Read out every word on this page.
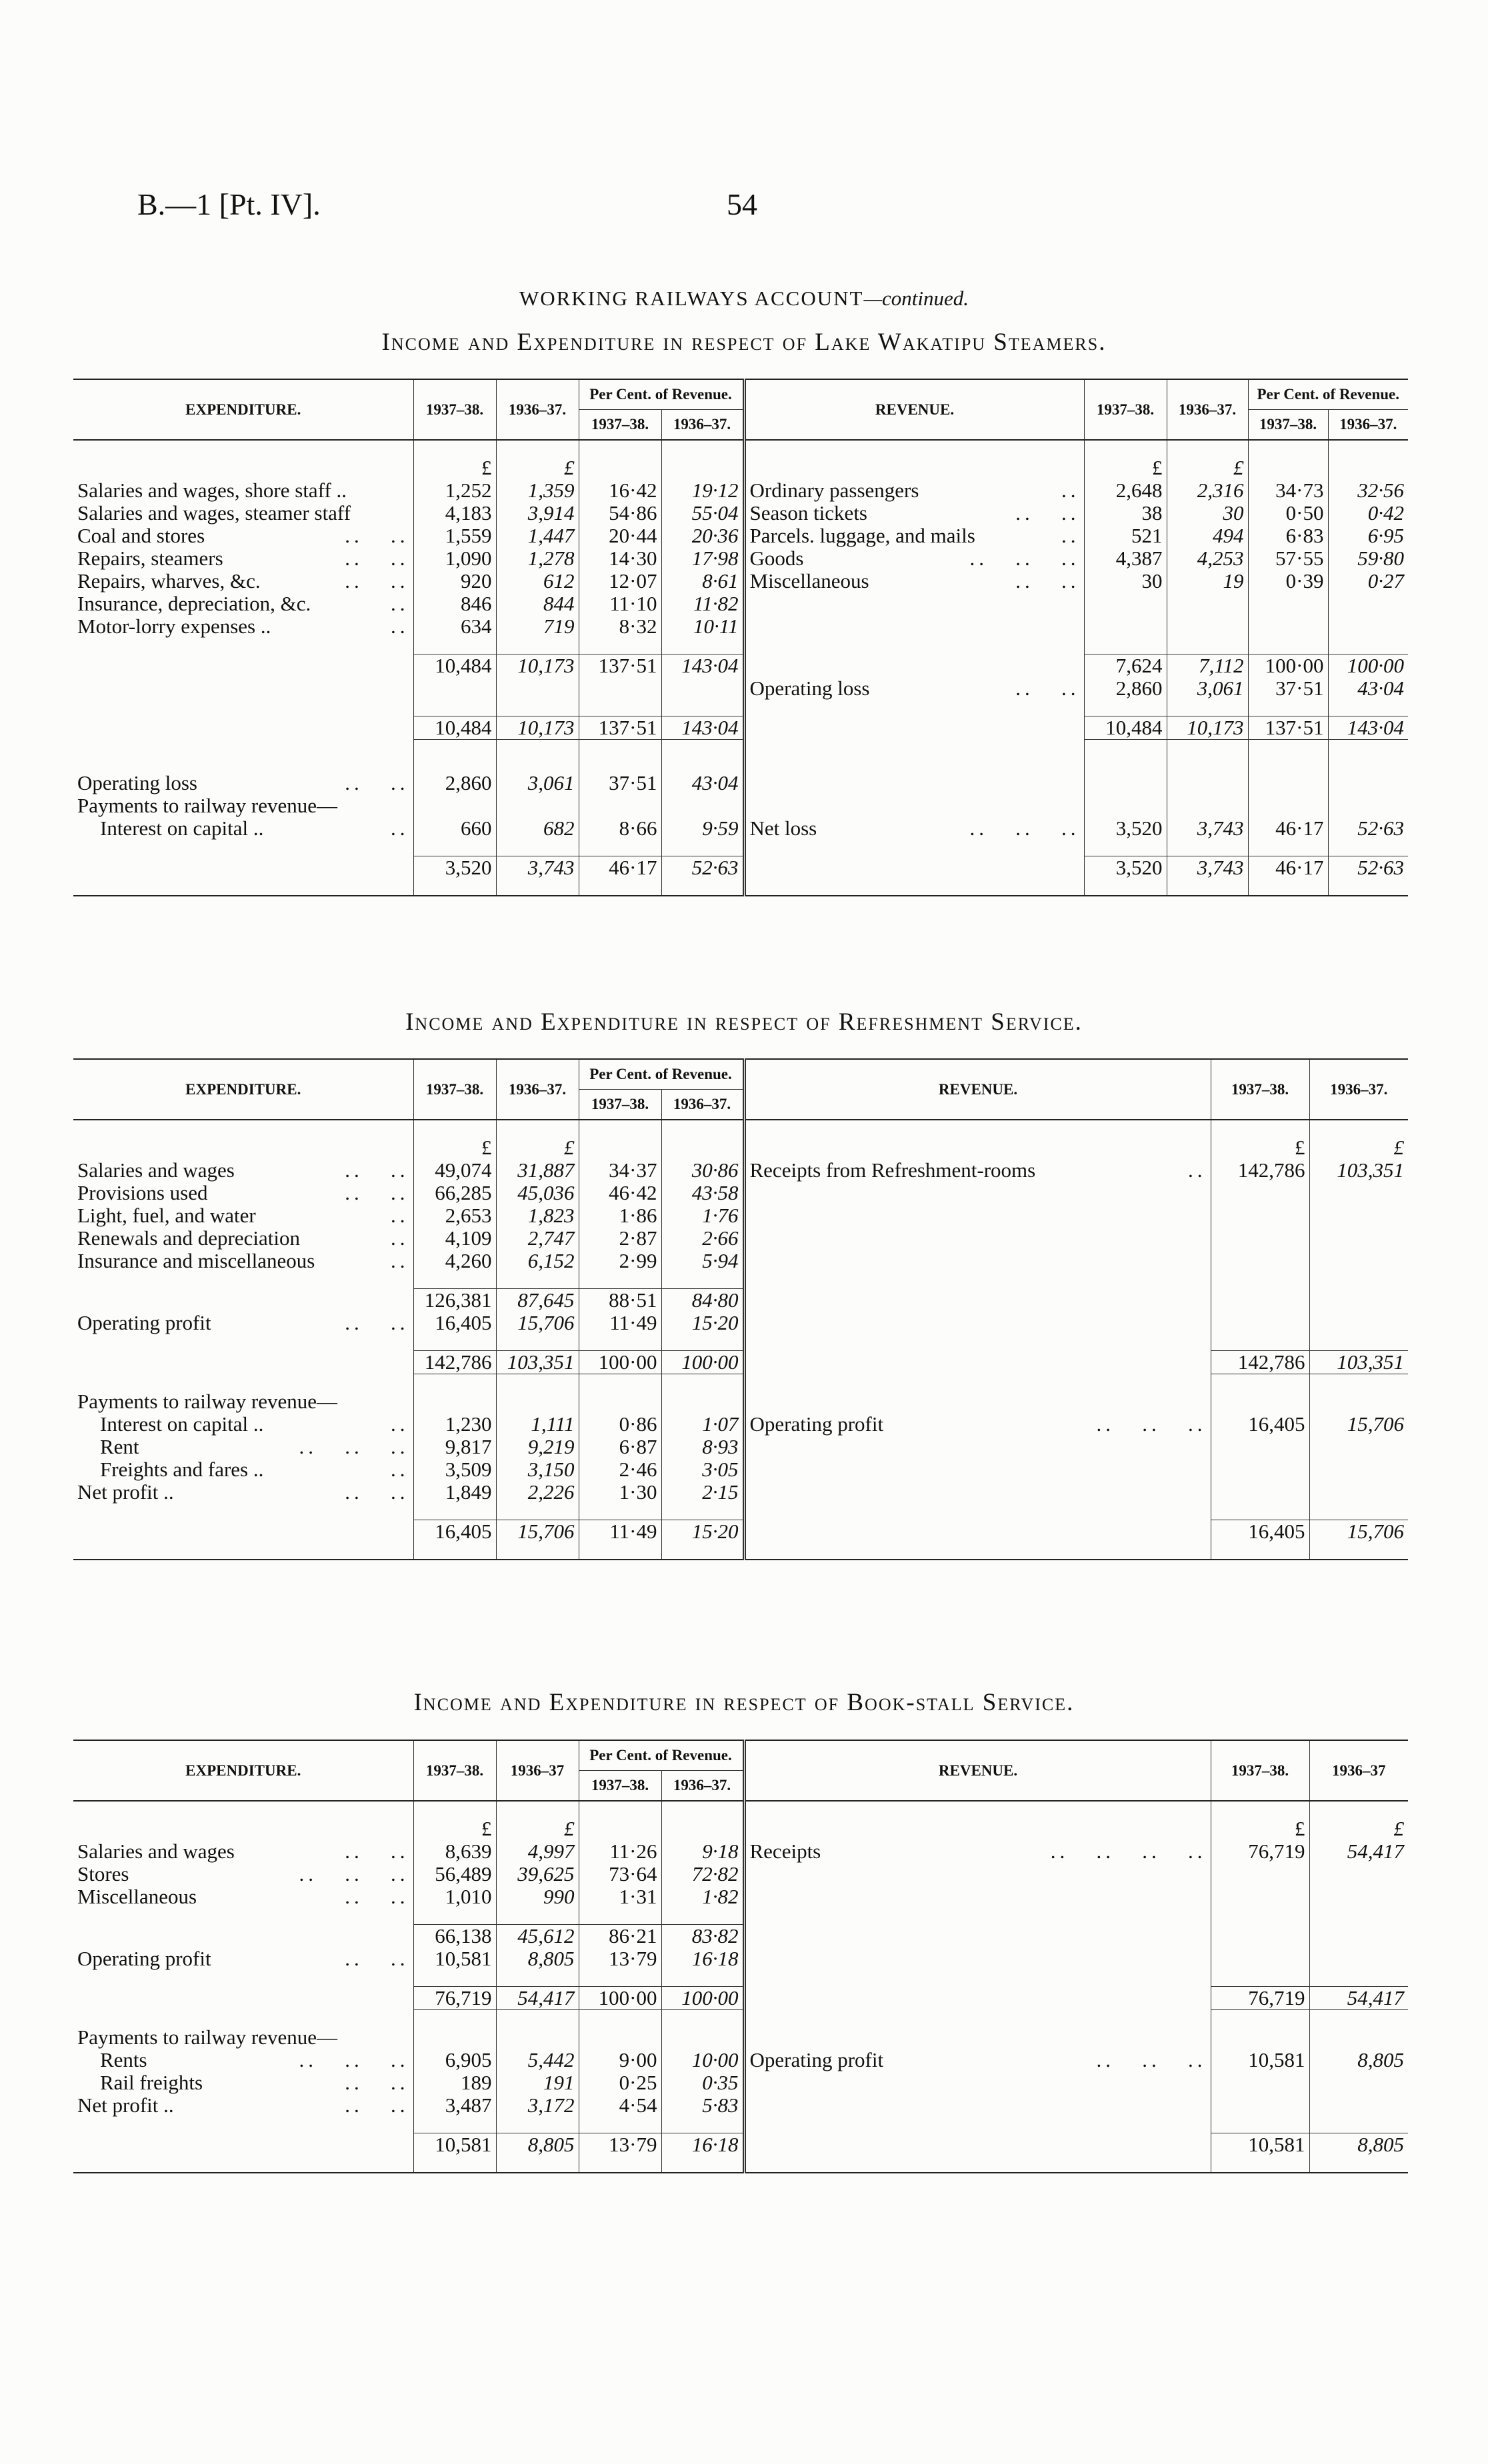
B.—1 [Pt. IV].	54
WORKING RAILWAYS ACCOUNT—continued.
Income and Expenditure in respect of Lake Wakatipu Steamers.
EXPENDITURE.	1937–38.	1936–37.	Per Cent. of Revenue.		REVENUE.	1937–38.	1936–37.	Per Cent. of Revenue.	
			1937–38.	1936–37.				1937–38.	1936–37.

	£	£				£	£		
Salaries and wages, shore staff ..	1,252	1,359	16·42	19·12	Ordinary passengers ..	2,648	2,316	34·73	32·56
Salaries and wages, steamer staff	4,183	3,914	54·86	55·04	Season tickets ..   ..	38	30	0·50	0·42
Coal and stores ..   ..	1,559	1,447	20·44	20·36	Parcels. luggage, and mails ..	521	494	6·83	6·95
Repairs, steamers ..   ..	1,090	1,278	14·30	17·98	Goods ..   ..   ..	4,387	4,253	57·55	59·80
Repairs, wharves, &c. ..   ..	920	612	12·07	8·61	Miscellaneous ..   ..	30	19	0·39	0·27
Insurance, depreciation, &c. ..	846	844	11·10	11·82					
Motor-lorry expenses .. ..	634	719	8·32	10·11					

	10,484	10,173	137·51	143·04		7,624	7,112	100·00	100·00
					Operating loss ..   ..	2,860	3,061	37·51	43·04

	10,484	10,173	137·51	143·04		10,484	10,173	137·51	143·04

Operating loss ..   ..	2,860	3,061	37·51	43·04					
Payments to railway revenue—									
Interest on capital .. ..	660	682	8·66	9·59	Net loss ..   ..   ..	3,520	3,743	46·17	52·63

	3,520	3,743	46·17	52·63		3,520	3,743	46·17	52·63

Income and Expenditure in respect of Refreshment Service.
EXPENDITURE.	1937–38.	1936–37.	Per Cent. of Revenue.		REVENUE.	1937–38.	1936–37.
			1937–38.	1936–37.			

	£	£				£	£
Salaries and wages ..   ..	49,074	31,887	34·37	30·86	Receipts from Refreshment-rooms ..	142,786	103,351
Provisions used ..   ..	66,285	45,036	46·42	43·58			
Light, fuel, and water ..	2,653	1,823	1·86	1·76			
Renewals and depreciation ..	4,109	2,747	2·87	2·66			
Insurance and miscellaneous ..	4,260	6,152	2·99	5·94			

	126,381	87,645	88·51	84·80			
Operating profit ..   ..	16,405	15,706	11·49	15·20			

	142,786	103,351	100·00	100·00		142,786	103,351

Payments to railway revenue—							
Interest on capital .. ..	1,230	1,111	0·86	1·07	Operating profit ..   ..   ..	16,405	15,706
Rent ..   ..   ..	9,817	9,219	6·87	8·93			
Freights and fares .. ..	3,509	3,150	2·46	3·05			
Net profit .. ..   ..	1,849	2,226	1·30	2·15			

	16,405	15,706	11·49	15·20		16,405	15,706

Income and Expenditure in respect of Book-stall Service.
EXPENDITURE.	1937–38.	1936–37	Per Cent. of Revenue.		REVENUE.	1937–38.	1936–37
			1937–38.	1936–37.			

	£	£				£	£
Salaries and wages ..   ..	8,639	4,997	11·26	9·18	Receipts ..   ..   ..   ..	76,719	54,417
Stores ..   ..   ..	56,489	39,625	73·64	72·82			
Miscellaneous ..   ..	1,010	990	1·31	1·82			

	66,138	45,612	86·21	83·82			
Operating profit ..   ..	10,581	8,805	13·79	16·18			

	76,719	54,417	100·00	100·00		76,719	54,417

Payments to railway revenue—							
Rents ..   ..   ..	6,905	5,442	9·00	10·00	Operating profit ..   ..   ..	10,581	8,805
Rail freights ..   ..	189	191	0·25	0·35			
Net profit .. ..   ..	3,487	3,172	4·54	5·83			

	10,581	8,805	13·79	16·18		10,581	8,805
